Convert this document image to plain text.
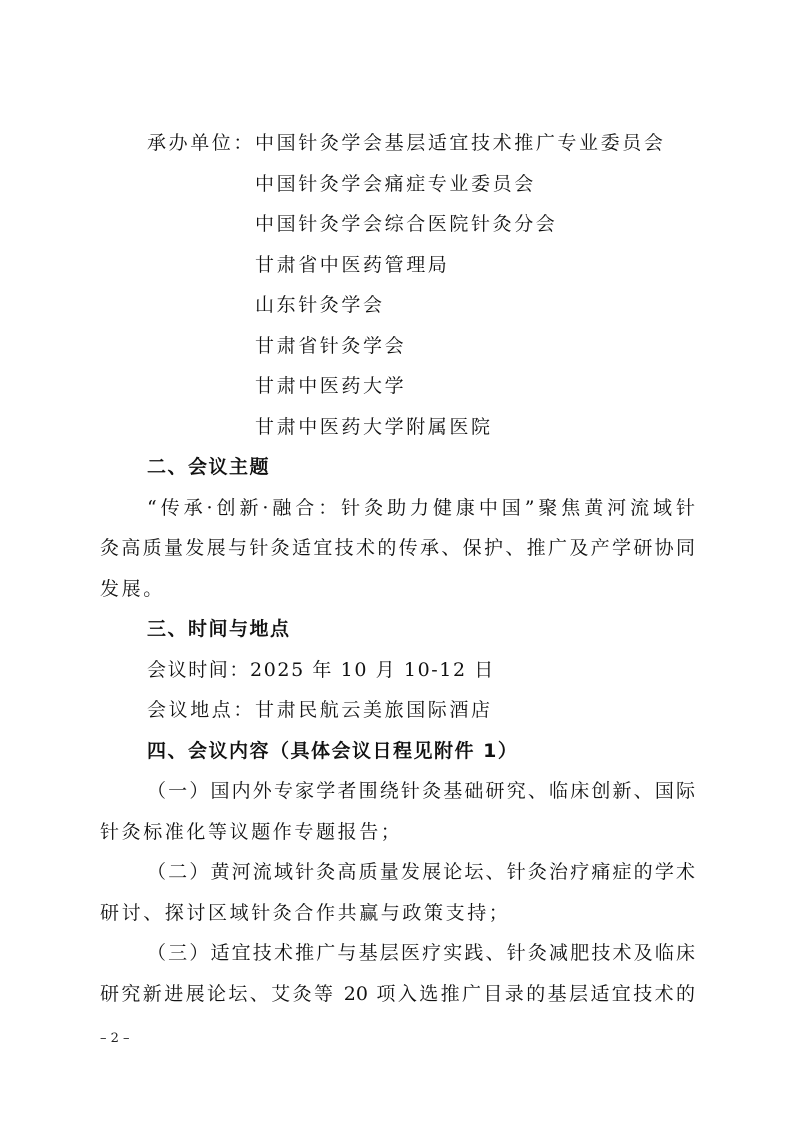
承办单位：中国针灸学会基层适宜技术推广专业委员会
中国针灸学会痛症专业委员会
中国针灸学会综合医院针灸分会
甘肃省中医药管理局
山东针灸学会
甘肃省针灸学会
甘肃中医药大学
甘肃中医药大学附属医院
二、会议主题
“传承·创新·融合：针灸助力健康中国”聚焦黄河流域针
灸高质量发展与针灸适宜技术的传承、保护、推广及产学研协同
发展。
三、时间与地点
会议时间：2025 年 10 月 10-12 日
会议地点：甘肃民航云美旅国际酒店
四、会议内容（具体会议日程见附件 1）
（一）国内外专家学者围绕针灸基础研究、临床创新、国际
针灸标准化等议题作专题报告；
（二）黄河流域针灸高质量发展论坛、针灸治疗痛症的学术
研讨、探讨区域针灸合作共赢与政策支持；
（三）适宜技术推广与基层医疗实践、针灸减肥技术及临床
研究新进展论坛、艾灸等 20 项入选推广目录的基层适宜技术的
– 2 –
